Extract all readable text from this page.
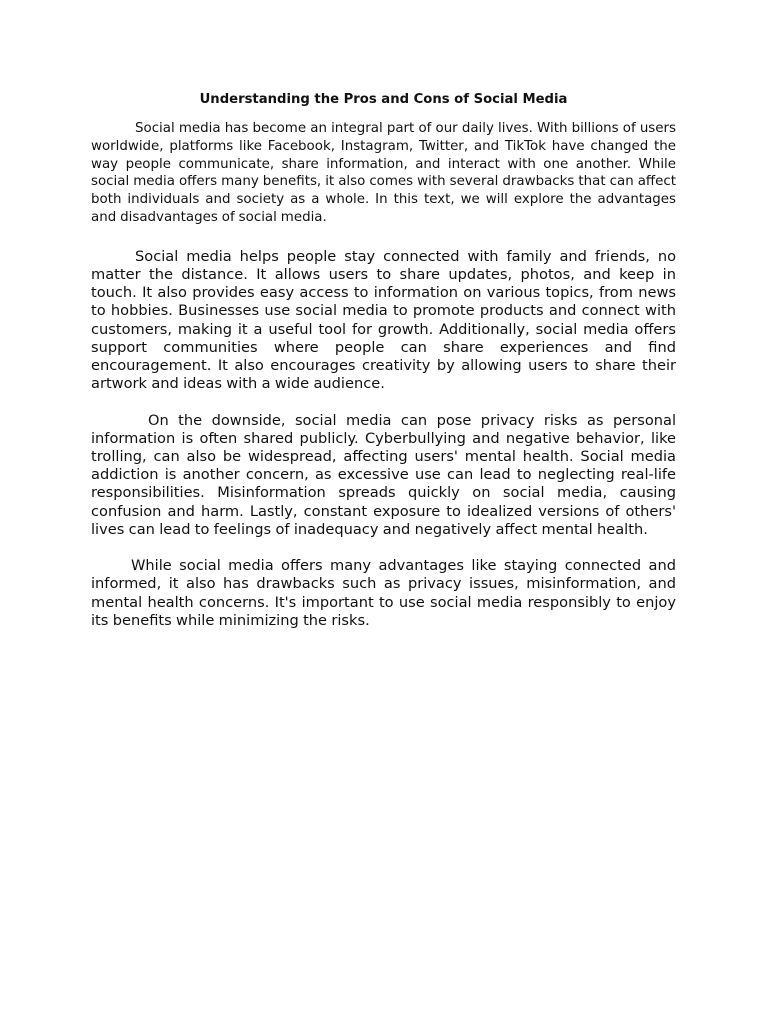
Understanding the Pros and Cons of Social Media

Social media has become an integral part of our daily lives. With billions of users worldwide, platforms like Facebook, Instagram, Twitter, and TikTok have changed the way people communicate, share information, and interact with one another. While social media offers many benefits, it also comes with several drawbacks that can affect both individuals and society as a whole. In this text, we will explore the advantages and disadvantages of social media.

Social media helps people stay connected with family and friends, no matter the distance. It allows users to share updates, photos, and keep in touch. It also provides easy access to information on various topics, from news to hobbies. Businesses use social media to promote products and connect with customers, making it a useful tool for growth. Additionally, social media offers support communities where people can share experiences and find encouragement. It also encourages creativity by allowing users to share their artwork and ideas with a wide audience.

On the downside, social media can pose privacy risks as personal information is often shared publicly. Cyberbullying and negative behavior, like trolling, can also be widespread, affecting users' mental health. Social media addiction is another concern, as excessive use can lead to neglecting real-life responsibilities. Misinformation spreads quickly on social media, causing confusion and harm. Lastly, constant exposure to idealized versions of others' lives can lead to feelings of inadequacy and negatively affect mental health.

While social media offers many advantages like staying connected and informed, it also has drawbacks such as privacy issues, misinformation, and mental health concerns. It's important to use social media responsibly to enjoy its benefits while minimizing the risks.
